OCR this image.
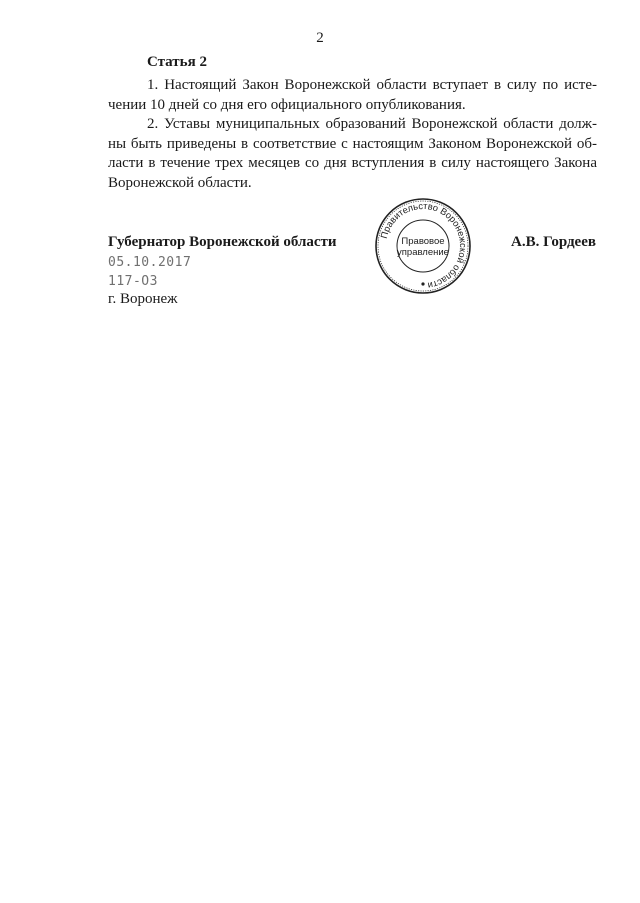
2
Статья 2
1. Настоящий Закон Воронежской области вступает в силу по исте-
чении 10 дней со дня его официального опубликования.
2. Уставы муниципальных образований Воронежской области долж-
ны быть приведены в соответствие с настоящим Законом Воронежской об-
ласти в течение трех месяцев со дня вступления в силу настоящего Закона
Воронежской области.
Губернатор Воронежской области	Правительство Воронежской области
Правовое
управление
А.В. Гордеев
05.10.2017
117-ОЗ
г. Воронеж
